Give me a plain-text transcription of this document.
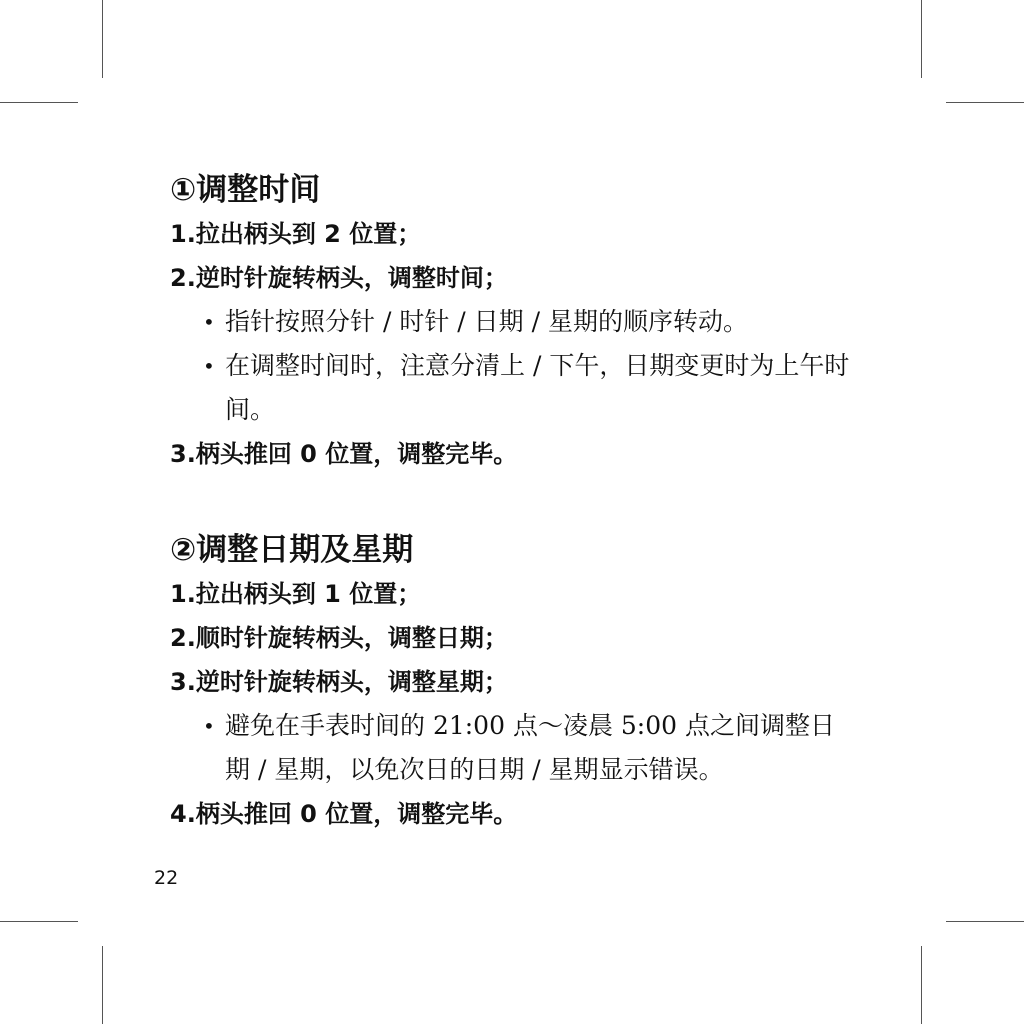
①调整时间
1.拉出柄头到 2 位置；
2.逆时针旋转柄头，调整时间；
• 指针按照分针 / 时针 / 日期 / 星期的顺序转动。
• 在调整时间时，注意分清上 / 下午，日期变更时为上午时间。
3.柄头推回 0 位置，调整完毕。
②调整日期及星期
1.拉出柄头到 1 位置；
2.顺时针旋转柄头，调整日期；
3.逆时针旋转柄头，调整星期；
• 避免在手表时间的 21:00 点～凌晨 5:00 点之间调整日期 / 星期，以免次日的日期 / 星期显示错误。
4.柄头推回 0 位置，调整完毕。
22
